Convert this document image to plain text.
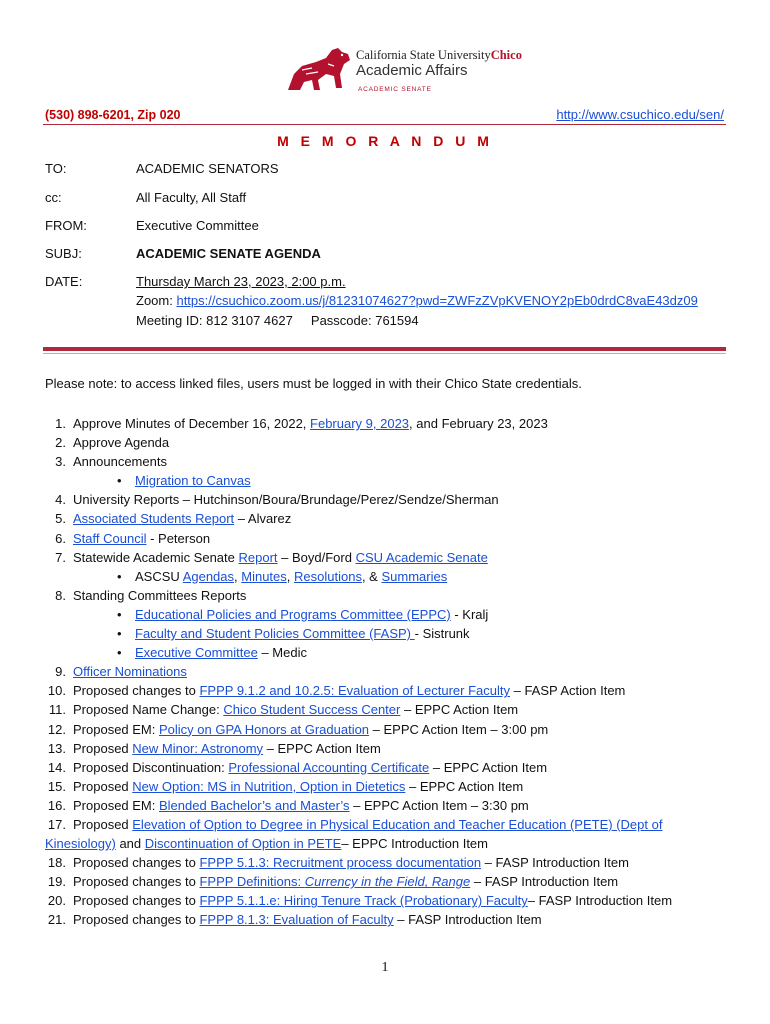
California State UniversityChico
Academic Affairs
ACADEMIC SENATE
(530) 898-6201, Zip 020	http://www.csuchico.edu/sen/
M E M O R A N D U M
TO:	ACADEMIC SENATORS
cc:	All Faculty, All Staff
FROM:	Executive Committee
SUBJ:	ACADEMIC SENATE AGENDA
DATE:	Thursday March 23, 2023, 2:00 p.m.
Zoom: https://csuchico.zoom.us/j/81231074627?pwd=ZWFzZVpKVENOY2pEb0drdC8vaE43dz09
Meeting ID: 812 3107 4627     Passcode: 761594
Please note: to access linked files, users must be logged in with their Chico State credentials.
1. Approve Minutes of December 16, 2022, February 9, 2023, and February 23, 2023
2. Approve Agenda
3. Announcements
• Migration to Canvas
4. University Reports – Hutchinson/Boura/Brundage/Perez/Sendze/Sherman
5. Associated Students Report – Alvarez
6. Staff Council - Peterson
7. Statewide Academic Senate Report – Boyd/Ford CSU Academic Senate
• ASCSU Agendas, Minutes, Resolutions, & Summaries
8. Standing Committees Reports
• Educational Policies and Programs Committee (EPPC) - Kralj
• Faculty and Student Policies Committee (FASP) - Sistrunk
• Executive Committee – Medic
9. Officer Nominations
10. Proposed changes to FPPP 9.1.2 and 10.2.5: Evaluation of Lecturer Faculty – FASP Action Item
11. Proposed Name Change: Chico Student Success Center – EPPC Action Item
12. Proposed EM: Policy on GPA Honors at Graduation – EPPC Action Item – 3:00 pm
13. Proposed New Minor: Astronomy – EPPC Action Item
14. Proposed Discontinuation: Professional Accounting Certificate – EPPC Action Item
15. Proposed New Option: MS in Nutrition, Option in Dietetics – EPPC Action Item
16. Proposed EM: Blended Bachelor’s and Master’s – EPPC Action Item – 3:30 pm
17. Proposed Elevation of Option to Degree in Physical Education and Teacher Education (PETE) (Dept of
Kinesiology) and Discontinuation of Option in PETE– EPPC Introduction Item
18. Proposed changes to FPPP 5.1.3: Recruitment process documentation – FASP Introduction Item
19. Proposed changes to FPPP Definitions: Currency in the Field, Range – FASP Introduction Item
20. Proposed changes to FPPP 5.1.1.e: Hiring Tenure Track (Probationary) Faculty– FASP Introduction Item
21. Proposed changes to FPPP 8.1.3: Evaluation of Faculty – FASP Introduction Item
1
